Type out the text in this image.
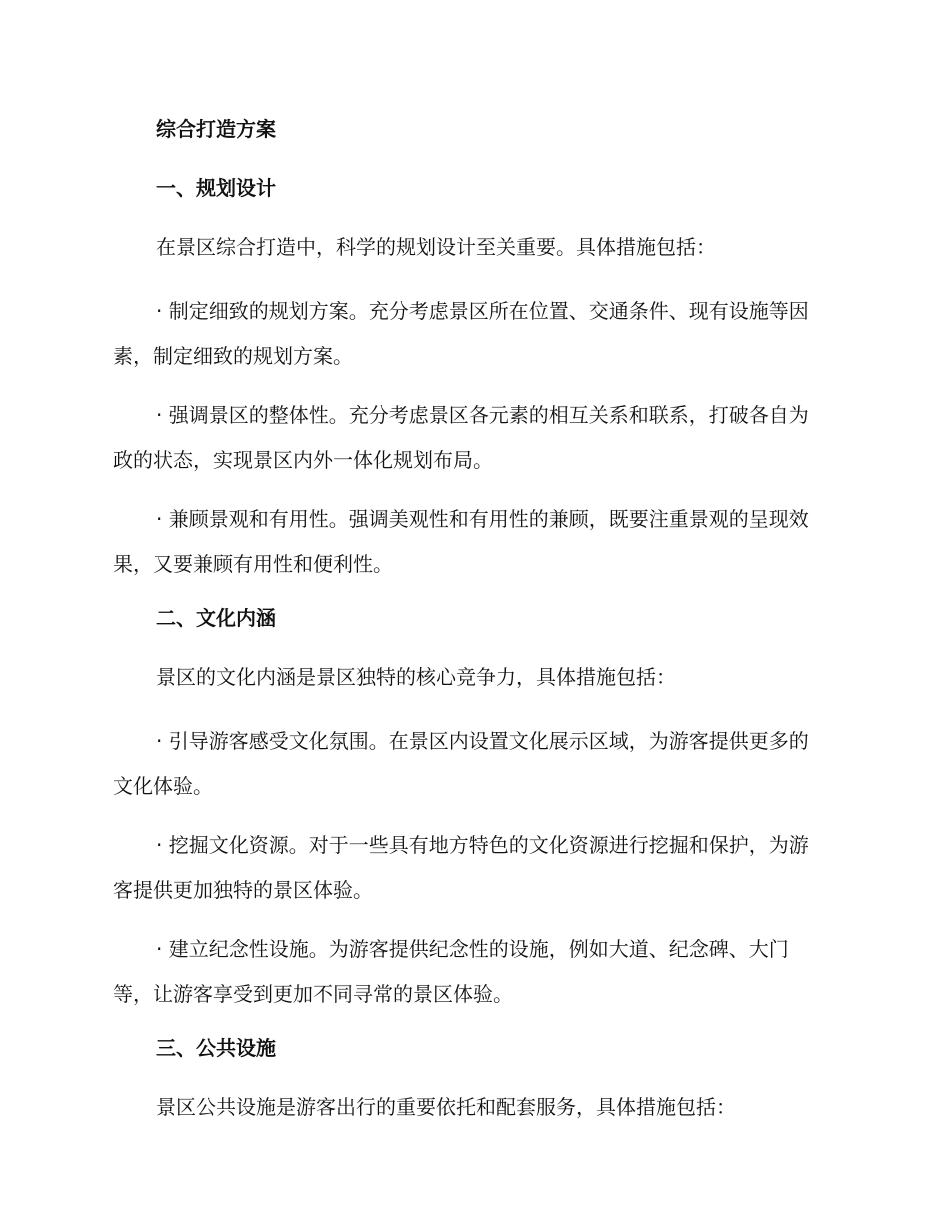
综合打造方案
一、规划设计
在景区综合打造中，科学的规划设计至关重要。具体措施包括：
· 制定细致的规划方案。充分考虑景区所在位置、交通条件、现有设施等因素，制定细致的规划方案。
· 强调景区的整体性。充分考虑景区各元素的相互关系和联系，打破各自为政的状态，实现景区内外一体化规划布局。
· 兼顾景观和有用性。强调美观性和有用性的兼顾，既要注重景观的呈现效果，又要兼顾有用性和便利性。
二、文化内涵
景区的文化内涵是景区独特的核心竞争力，具体措施包括：
· 引导游客感受文化氛围。在景区内设置文化展示区域，为游客提供更多的文化体验。
· 挖掘文化资源。对于一些具有地方特色的文化资源进行挖掘和保护，为游客提供更加独特的景区体验。
· 建立纪念性设施。为游客提供纪念性的设施，例如大道、纪念碑、大门等，让游客享受到更加不同寻常的景区体验。
三、公共设施
景区公共设施是游客出行的重要依托和配套服务，具体措施包括：
